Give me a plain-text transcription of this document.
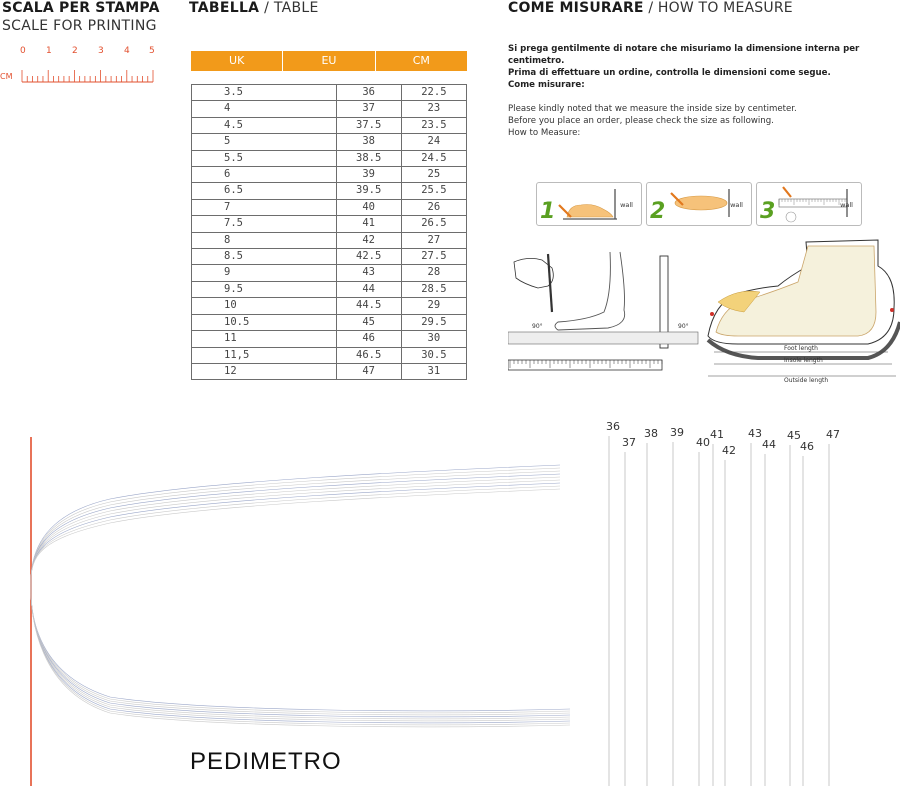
SCALA PER STAMPA
SCALE FOR PRINTING
0 1 2 3 4 5
CM
TABELLA / TABLE
UK	EU	CM
3.5	36	22.5
4	37	23
4.5	37.5	23.5
5	38	24
5.5	38.5	24.5
6	39	25
6.5	39.5	25.5
7	40	26
7.5	41	26.5
8	42	27
8.5	42.5	27.5
9	43	28
9.5	44	28.5
10	44.5	29
10.5	45	29.5
11	46	30
11,5	46.5	30.5
12	47	31
COME MISURARE / HOW TO MEASURE
Si prega gentilmente di notare che misuriamo la dimensione interna per centimetro.
Prima di effettuare un ordine, controlla le dimensioni come segue.
Come misurare:
Please kindly noted that we measure the inside size by centimeter.
Before you place an order, please check the size as following.
How to Measure:
1	wall 2	wall 3	wall
90°	90°
Foot length
Insole length
Outside length
36
37
38 39
40
41
42
43
44
45
46
47
PEDIMETRO
